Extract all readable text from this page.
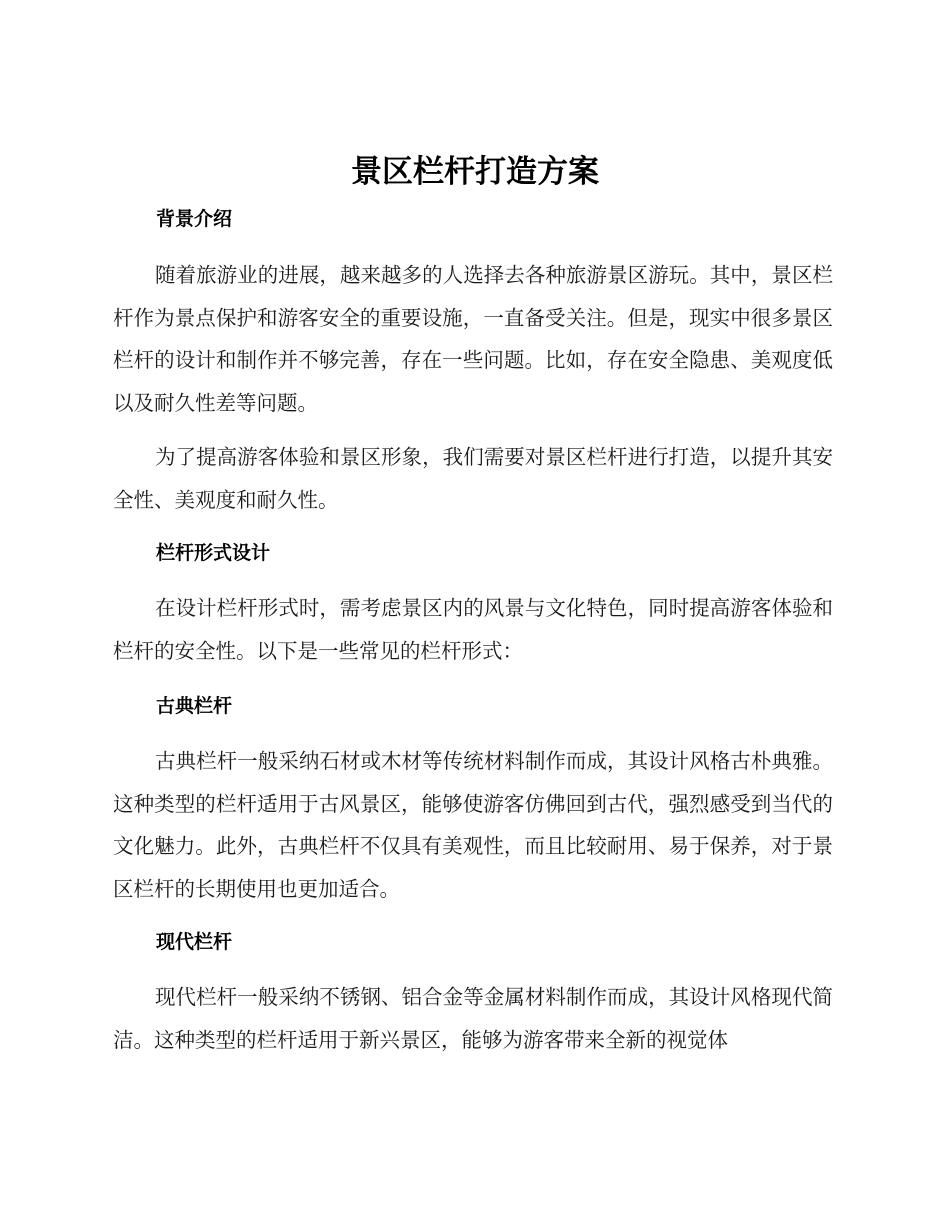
景区栏杆打造方案
背景介绍

随着旅游业的进展，越来越多的人选择去各种旅游景区游玩。其中，景区栏杆作为景点保护和游客安全的重要设施，一直备受关注。但是，现实中很多景区栏杆的设计和制作并不够完善，存在一些问题。比如，存在安全隐患、美观度低以及耐久性差等问题。

为了提高游客体验和景区形象，我们需要对景区栏杆进行打造，以提升其安全性、美观度和耐久性。

栏杆形式设计

在设计栏杆形式时，需考虑景区内的风景与文化特色，同时提高游客体验和栏杆的安全性。以下是一些常见的栏杆形式：

古典栏杆

古典栏杆一般采纳石材或木材等传统材料制作而成，其设计风格古朴典雅。这种类型的栏杆适用于古风景区，能够使游客仿佛回到古代，强烈感受到当代的文化魅力。此外，古典栏杆不仅具有美观性，而且比较耐用、易于保养，对于景区栏杆的长期使用也更加适合。

现代栏杆

现代栏杆一般采纳不锈钢、铝合金等金属材料制作而成，其设计风格现代简洁。这种类型的栏杆适用于新兴景区，能够为游客带来全新的视觉体
